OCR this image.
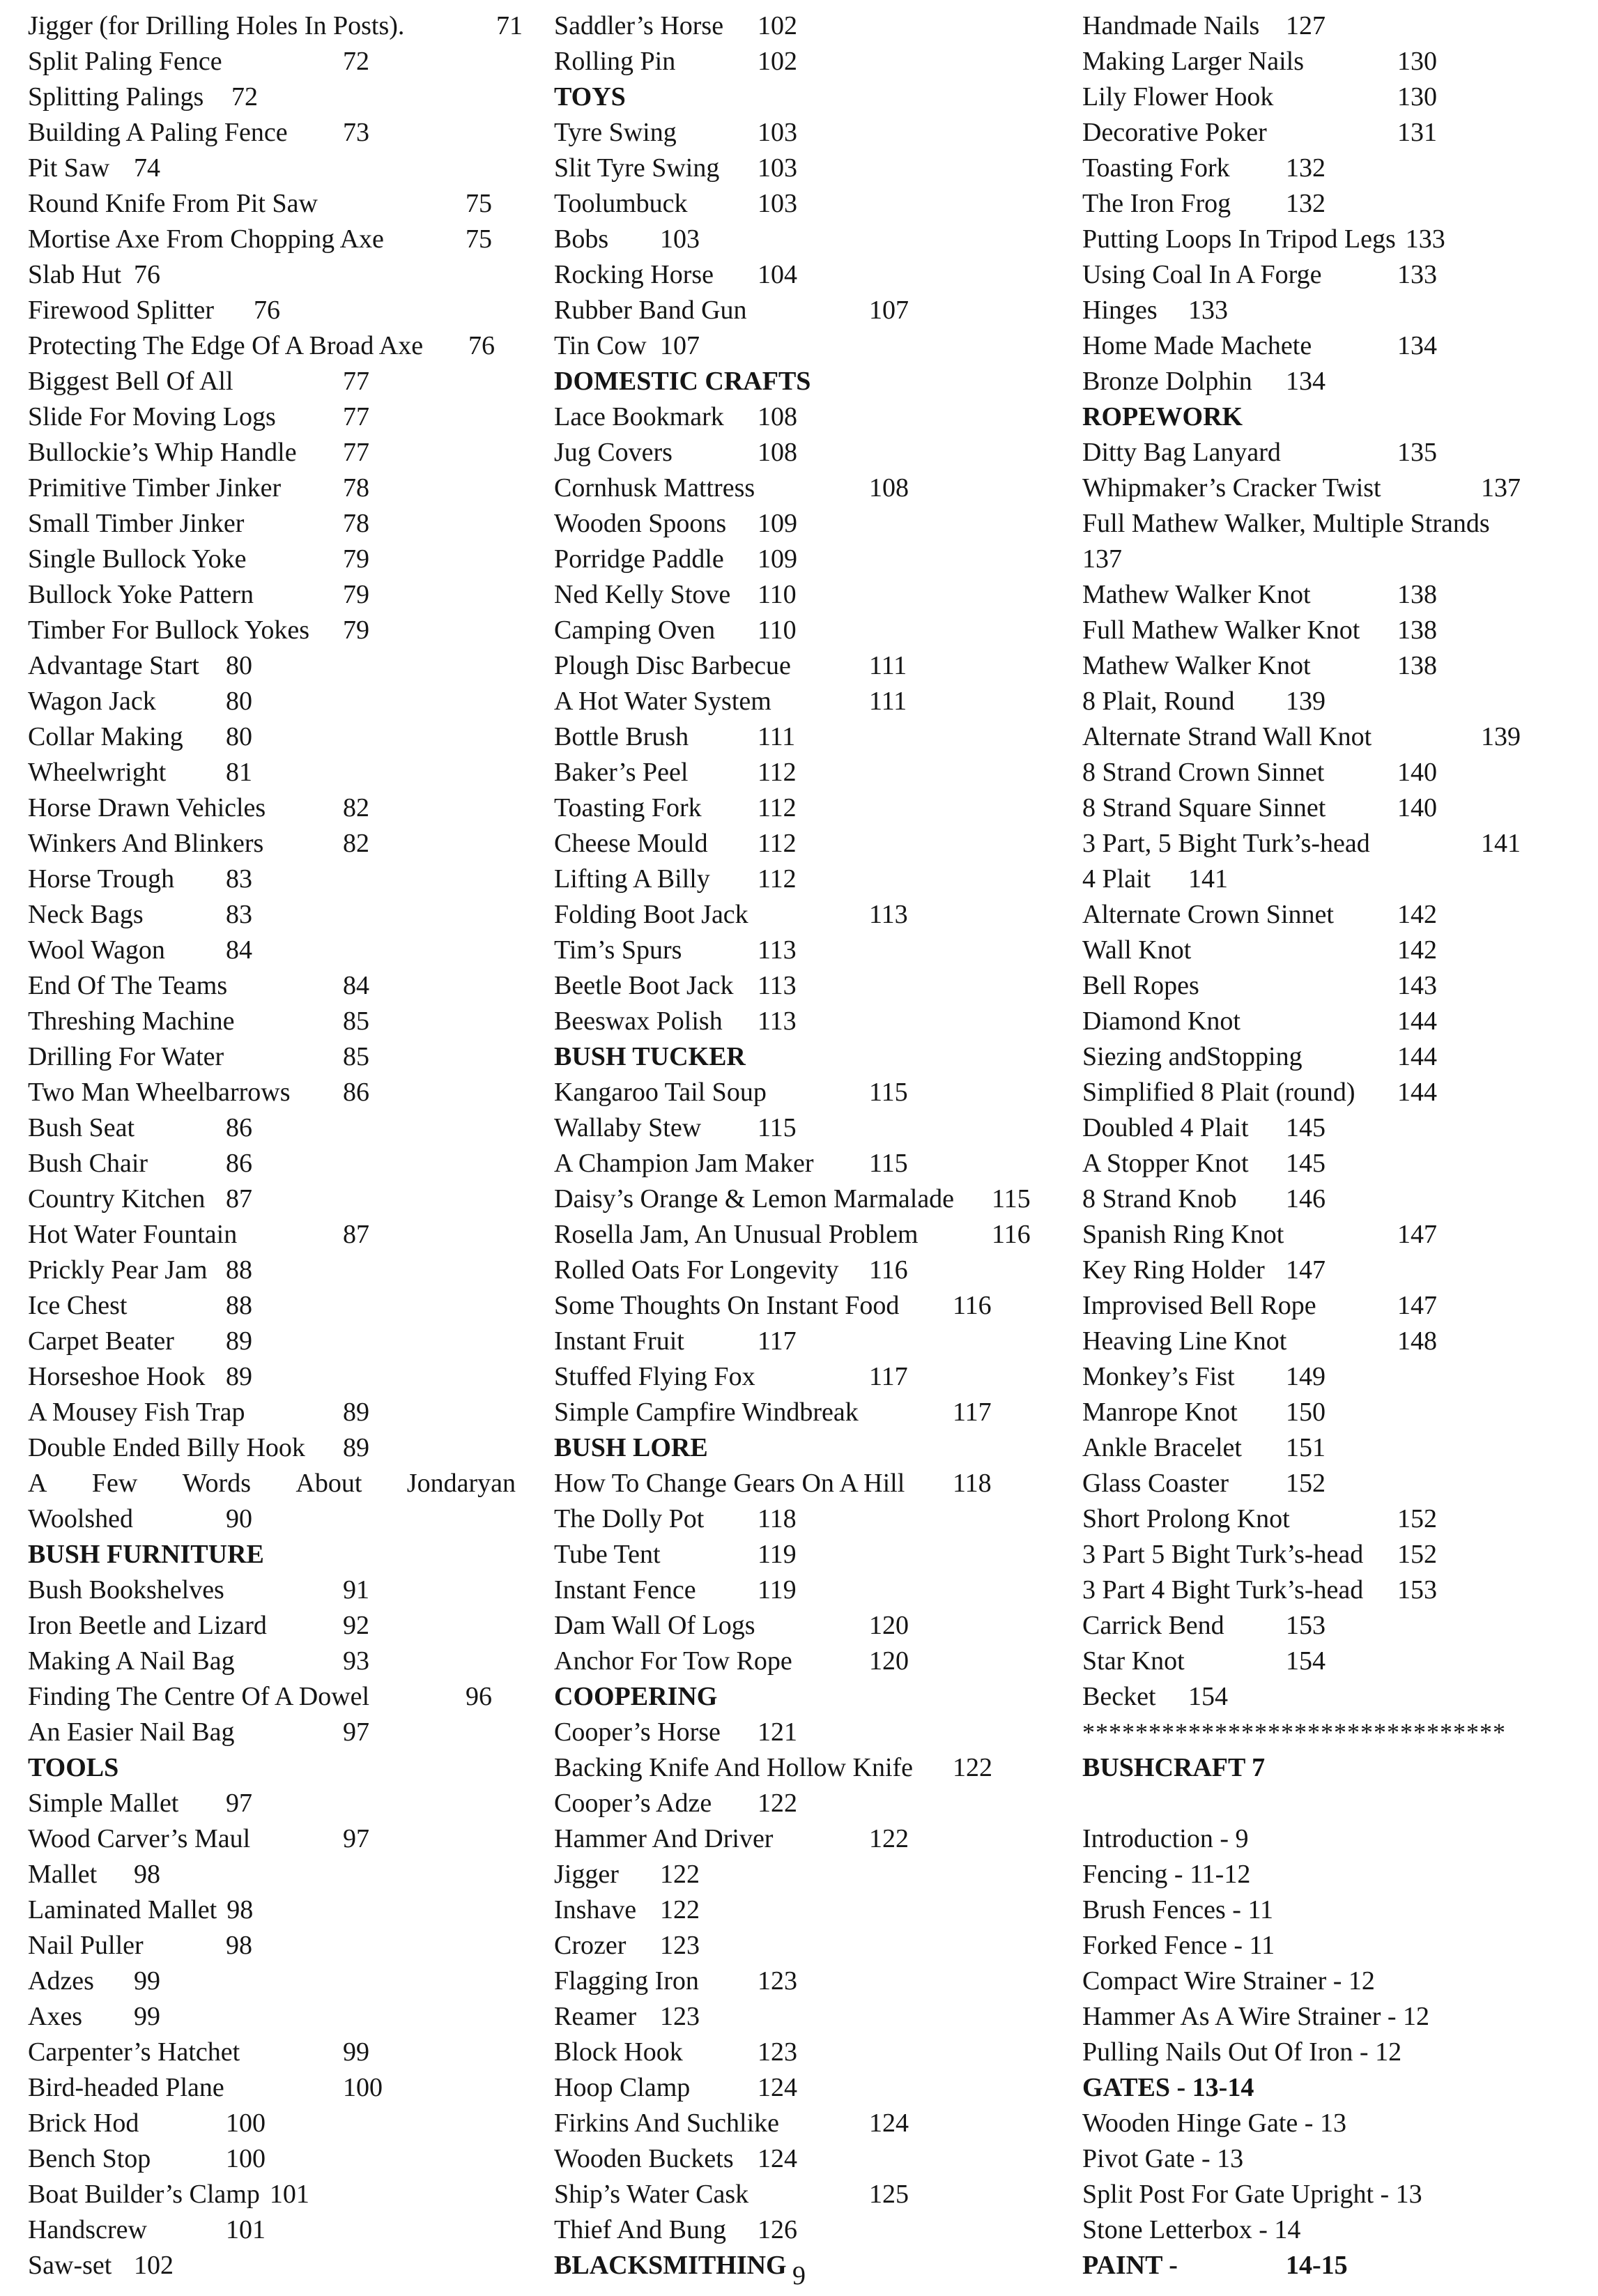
Jigger (for Drilling Holes In Posts).	71
Split Paling Fence	72
Splitting Palings 72
Building A Paling Fence 73
Pit Saw 74
Round Knife From Pit Saw	75
Mortise Axe From Chopping Axe	75
Slab Hut 76
Firewood Splitter 76
Protecting The Edge Of A Broad Axe 76
Biggest Bell Of All	77
Slide For Moving Logs	77
Bullockie’s Whip Handle 77
Primitive Timber Jinker 78
Small Timber Jinker	78
Single Bullock Yoke	79
Bullock Yoke Pattern	79
Timber For Bullock Yokes 79
Advantage Start 80
Wagon Jack	80
Collar Making 80
Wheelwright 81
Horse Drawn Vehicles	82
Winkers And Blinkers	82
Horse Trough 83
Neck Bags	83
Wool Wagon 84
End Of The Teams	84
Threshing Machine	85
Drilling For Water	85
Two Man Wheelbarrows 86
Bush Seat	86
Bush Chair	86
Country Kitchen 87
Hot Water Fountain	87
Prickly Pear Jam 88
Ice Chest	88
Carpet Beater 89
Horseshoe Hook 89
A Mousey Fish Trap	89
Double Ended Billy Hook 89
A Few Words About Jondaryan
Woolshed	90
BUSH FURNITURE
Bush Bookshelves	91
Iron Beetle and Lizard	92
Making A Nail Bag	93
Finding The Centre Of A Dowel	96
An Easier Nail Bag	97
TOOLS
Simple Mallet 97
Wood Carver’s Maul	97
Mallet 98
Laminated Mallet 98
Nail Puller	98
Adzes 99
Axes 99
Carpenter’s Hatchet	99
Bird-headed Plane	100
Brick Hod	100
Bench Stop	100
Boat Builder’s Clamp 101
Handscrew	101
Saw-set 102
Saddler’s Horse 102
Rolling Pin	102
TOYS
Tyre Swing	103
Slit Tyre Swing 103
Toolumbuck	103
Bobs 103
Rocking Horse 104
Rubber Band Gun	107
Tin Cow 107
DOMESTIC CRAFTS
Lace Bookmark 108
Jug Covers	108
Cornhusk Mattress	108
Wooden Spoons 109
Porridge Paddle 109
Ned Kelly Stove 110
Camping Oven 110
Plough Disc Barbecue	111
A Hot Water System	111
Bottle Brush	111
Baker’s Peel	112
Toasting Fork 112
Cheese Mould 112
Lifting A Billy 112
Folding Boot Jack	113
Tim’s Spurs	113
Beetle Boot Jack 113
Beeswax Polish 113
BUSH TUCKER
Kangaroo Tail Soup	115
Wallaby Stew 115
A Champion Jam Maker 115
Daisy’s Orange & Lemon Marmalade 115
Rosella Jam, An Unusual Problem	116
Rolled Oats For Longevity 116
Some Thoughts On Instant Food 116
Instant Fruit	117
Stuffed Flying Fox	117
Simple Campfire Windbreak	117
BUSH LORE
How To Change Gears On A Hill 118
The Dolly Pot 118
Tube Tent	119
Instant Fence 119
Dam Wall Of Logs	120
Anchor For Tow Rope	120
COOPERING
Cooper’s Horse 121
Backing Knife And Hollow Knife 122
Cooper’s Adze 122
Hammer And Driver	122
Jigger 122
Inshave 122
Crozer 123
Flagging Iron 123
Reamer 123
Block Hook	123
Hoop Clamp	124
Firkins And Suchlike	124
Wooden Buckets 124
Ship’s Water Cask	125
Thief And Bung 126
BLACKSMITHING
Handmade Nails 127
Making Larger Nails	130
Lily Flower Hook	130
Decorative Poker	131
Toasting Fork 132
The Iron Frog 132
Putting Loops In Tripod Legs 133
Using Coal In A Forge	133
Hinges 133
Home Made Machete	134
Bronze Dolphin 134
ROPEWORK
Ditty Bag Lanyard	135
Whipmaker’s Cracker Twist	137
Full Mathew Walker, Multiple Strands
137
Mathew Walker Knot	138
Full Mathew Walker Knot 138
Mathew Walker Knot	138
8 Plait, Round 139
Alternate Strand Wall Knot	139
8 Strand Crown Sinnet	140
8 Strand Square Sinnet	140
3 Part, 5 Bight Turk’s-head	141
4 Plait 141
Alternate Crown Sinnet 142
Wall Knot	142
Bell Ropes	143
Diamond Knot	144
Siezing andStopping	144
Simplified 8 Plait (round) 144
Doubled 4 Plait 145
A Stopper Knot 145
8 Strand Knob 146
Spanish Ring Knot	147
Key Ring Holder 147
Improvised Bell Rope	147
Heaving Line Knot	148
Monkey’s Fist 149
Manrope Knot 150
Ankle Bracelet 151
Glass Coaster 152
Short Prolong Knot	152
3 Part 5 Bight Turk’s-head 152
3 Part 4 Bight Turk’s-head 153
Carrick Bend 153
Star Knot	154
Becket 154
********************************
BUSHCRAFT 7
Introduction - 9
Fencing - 11-12
Brush Fences - 11
Forked Fence - 11
Compact Wire Strainer - 12
Hammer As A Wire Strainer - 12
Pulling Nails Out Of Iron - 12
GATES - 13-14
Wooden Hinge Gate - 13
Pivot Gate - 13
Split Post For Gate Upright - 13
Stone Letterbox - 14
PAINT -	14-15
9
